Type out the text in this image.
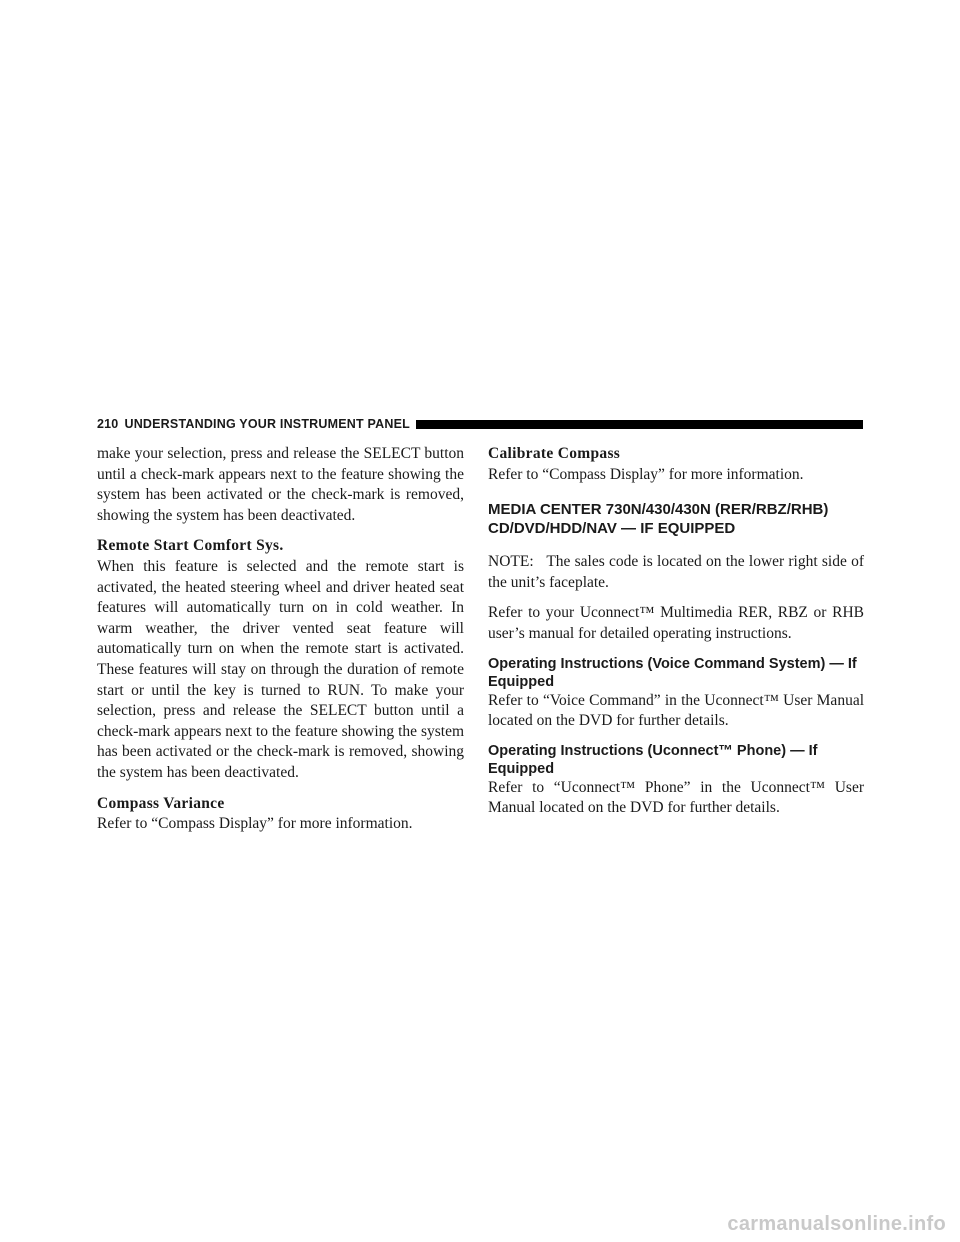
210 UNDERSTANDING YOUR INSTRUMENT PANEL

make your selection, press and release the SELECT button until a check-mark appears next to the feature showing the system has been activated or the check-mark is removed, showing the system has been deactivated.

Remote Start Comfort Sys.

When this feature is selected and the remote start is activated, the heated steering wheel and driver heated seat features will automatically turn on in cold weather. In warm weather, the driver vented seat feature will automatically turn on when the remote start is activated. These features will stay on through the duration of remote start or until the key is turned to RUN. To make your selection, press and release the SELECT button until a check-mark appears next to the feature showing the system has been activated or the check-mark is removed, showing the system has been deactivated.

Compass Variance

Refer to “Compass Display” for more information.

Calibrate Compass

Refer to “Compass Display” for more information.

MEDIA CENTER 730N/430/430N (RER/RBZ/RHB) CD/DVD/HDD/NAV — IF EQUIPPED

NOTE: The sales code is located on the lower right side of the unit’s faceplate.

Refer to your Uconnect™ Multimedia RER, RBZ or RHB user’s manual for detailed operating instructions.

Operating Instructions (Voice Command System) — If Equipped

Refer to “Voice Command” in the Uconnect™ User Manual located on the DVD for further details.

Operating Instructions (Uconnect™ Phone) — If Equipped

Refer to “Uconnect™ Phone” in the Uconnect™ User Manual located on the DVD for further details.

carmanualsonline.info
